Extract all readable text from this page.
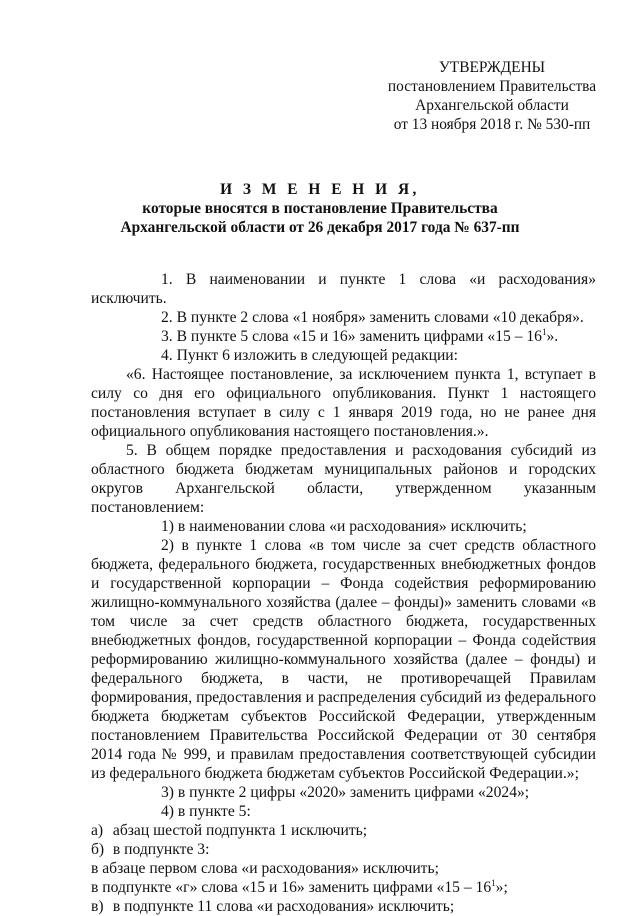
УТВЕРЖДЕНЫ
постановлением Правительства
Архангельской области
от 13 ноября 2018 г. № 530-пп
И З М Е Н Е Н И Я,
которые вносятся в постановление Правительства
Архангельской области от 26 декабря 2017 года № 637-пп

1. В наименовании и пункте 1 слова «и расходования» исключить.

2. В пункте 2 слова «1 ноября» заменить словами «10 декабря».

3. В пункте 5 слова «15 и 16» заменить цифрами «$15 - 16^1$».

4. Пункт 6 изложить в следующей редакции:

«6. Настоящее постановление, за исключением пункта 1, вступает в силу со дня его официального опубликования. Пункт 1 настоящего постановления вступает в силу с 1 января 2019 года, но не ранее дня официального опубликования настоящего постановления.».

5. В общем порядке предоставления и расходования субсидий из областного бюджета бюджетам муниципальных районов и городских округов Архангельской области, утвержденном указанным постановлением:

1) в наименовании слова «и расходования» исключить;

2) в пункте 1 слова «в том числе за счет средств областного бюджета, федерального бюджета, государственных внебюджетных фондов и государственной корпорации – Фонда содействия реформированию жилищно-коммунального хозяйства (далее – фонды)» заменить словами «в том числе за счет средств областного бюджета, государственных внебюджетных фондов, государственной корпорации – Фонда содействия реформированию жилищно-коммунального хозяйства (далее – фонды) и федерального бюджета, в части, не противоречащей Правилам формирования, предоставления и распределения субсидий из федерального бюджета бюджетам субъектов Российской Федерации, утвержденным постановлением Правительства Российской Федерации от 30 сентября 2014 года № 999, и правилам предоставления соответствующей субсидии из федерального бюджета бюджетам субъектов Российской Федерации.»;

3) в пункте 2 цифры «2020» заменить цифрами «2024»;

4) в пункте 5:

а) абзац шестой подпункта 1 исключить;

б) в подпункте 3:

в абзаце первом слова «и расходования» исключить;

в подпункте «г» слова «15 и 16» заменить цифрами «$15 - 16^1$»;

в) в подпункте 11 слова «и расходования» исключить;
